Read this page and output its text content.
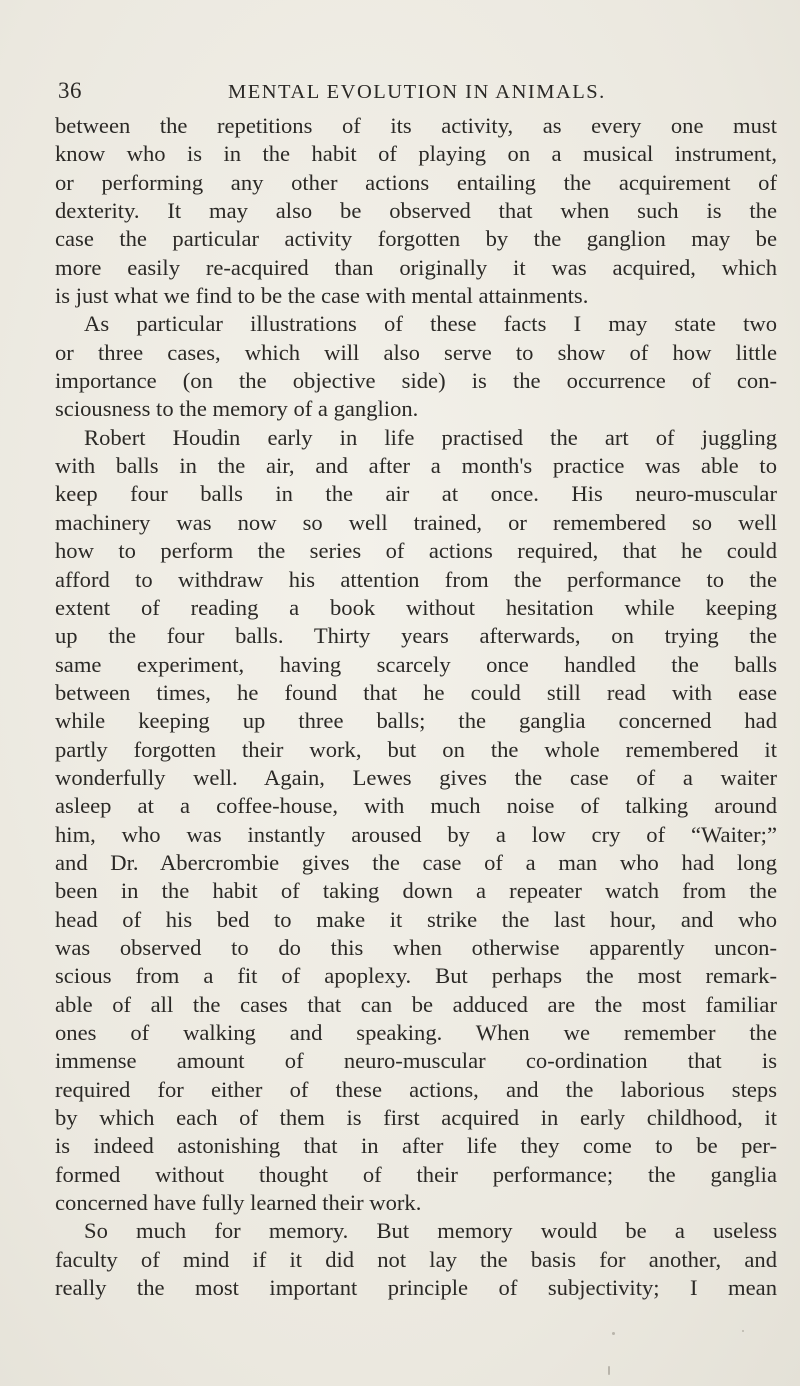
36	MENTAL EVOLUTION IN ANIMALS.
between the repetitions of its activity, as every one must
know who is in the habit of playing on a musical instrument,
or performing any other actions entailing the acquirement of
dexterity. It may also be observed that when such is the
case the particular activity forgotten by the ganglion may be
more easily re-acquired than originally it was acquired, which
is just what we find to be the case with mental attainments.
As particular illustrations of these facts I may state two
or three cases, which will also serve to show of how little
importance (on the objective side) is the occurrence of con-
sciousness to the memory of a ganglion.
Robert Houdin early in life practised the art of juggling
with balls in the air, and after a month's practice was able to
keep four balls in the air at once. His neuro-muscular
machinery was now so well trained, or remembered so well
how to perform the series of actions required, that he could
afford to withdraw his attention from the performance to the
extent of reading a book without hesitation while keeping
up the four balls. Thirty years afterwards, on trying the
same experiment, having scarcely once handled the balls
between times, he found that he could still read with ease
while keeping up three balls; the ganglia concerned had
partly forgotten their work, but on the whole remembered it
wonderfully well. Again, Lewes gives the case of a waiter
asleep at a coffee-house, with much noise of talking around
him, who was instantly aroused by a low cry of “Waiter;”
and Dr. Abercrombie gives the case of a man who had long
been in the habit of taking down a repeater watch from the
head of his bed to make it strike the last hour, and who
was observed to do this when otherwise apparently uncon-
scious from a fit of apoplexy. But perhaps the most remark-
able of all the cases that can be adduced are the most familiar
ones of walking and speaking. When we remember the
immense amount of neuro-muscular co-ordination that is
required for either of these actions, and the laborious steps
by which each of them is first acquired in early childhood, it
is indeed astonishing that in after life they come to be per-
formed without thought of their performance; the ganglia
concerned have fully learned their work.
So much for memory. But memory would be a useless
faculty of mind if it did not lay the basis for another, and
really the most important principle of subjectivity; I mean
